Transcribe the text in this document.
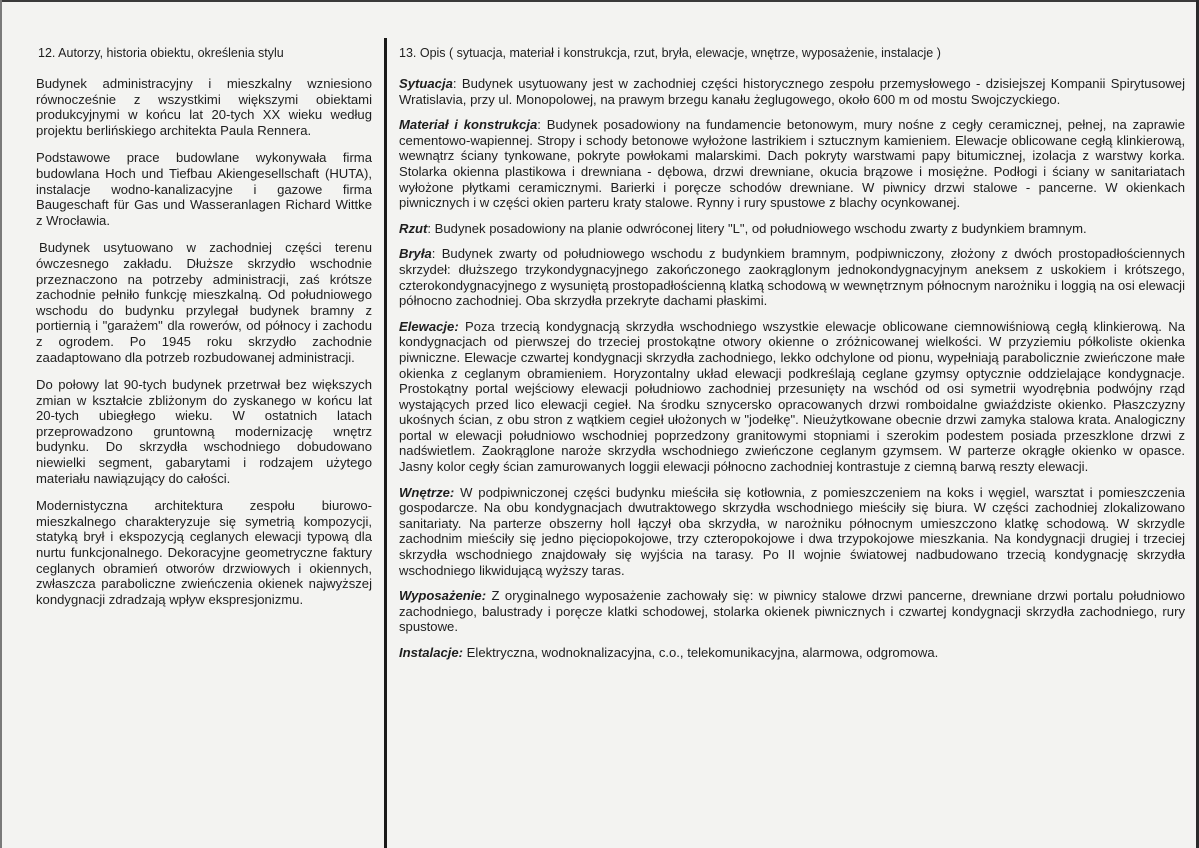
12. Autorzy, historia obiektu, określenia stylu

Budynek administracyjny i mieszkalny wzniesiono równocześnie z wszystkimi większymi obiektami produkcyjnymi w końcu lat 20-tych XX wieku według projektu berlińskiego architekta Paula Rennera.

Podstawowe prace budowlane wykonywała firma budowlana Hoch und Tiefbau Akiengesellschaft (HUTA), instalacje wodno-kanalizacyjne i gazowe firma Baugeschaft für Gas und Wasseranlagen Richard Wittke z Wrocławia.

Budynek usytuowano w zachodniej części terenu ówczesnego zakładu. Dłuższe skrzydło wschodnie przeznaczono na potrzeby administracji, zaś krótsze zachodnie pełniło funkcję mieszkalną. Od południowego wschodu do budynku przylegał budynek bramny z portiernią i "garażem" dla rowerów, od północy i zachodu z ogrodem. Po 1945 roku skrzydło zachodnie zaadaptowano dla potrzeb rozbudowanej administracji.

Do połowy lat 90-tych budynek przetrwał bez większych zmian w kształcie zbliżonym do zyskanego w końcu lat 20-tych ubiegłego wieku. W ostatnich latach przeprowadzono gruntowną modernizację wnętrz budynku. Do skrzydła wschodniego dobudowano niewielki segment, gabarytami i rodzajem użytego materiału nawiązujący do całości.

Modernistyczna architektura zespołu biurowo-mieszkalnego charakteryzuje się symetrią kompozycji, statyką brył i ekspozycją ceglanych elewacji typową dla nurtu funkcjonalnego. Dekoracyjne geometryczne faktury ceglanych obramień otworów drzwiowych i okiennych, zwłaszcza paraboliczne zwieńczenia okienek najwyższej kondygnacji zdradzają wpływ ekspresjonizmu.

13. Opis ( sytuacja, materiał i konstrukcja, rzut, bryła, elewacje, wnętrze, wyposażenie, instalacje )

Sytuacja: Budynek usytuowany jest w zachodniej części historycznego zespołu przemysłowego - dzisiejszej Kompanii Spirytusowej Wratislavia, przy ul. Monopolowej, na prawym brzegu kanału żeglugowego, około 600 m od mostu Swojczyckiego.

Materiał i konstrukcja: Budynek posadowiony na fundamencie betonowym, mury nośne z cegły ceramicznej, pełnej, na zaprawie cementowo-wapiennej. Stropy i schody betonowe wyłożone lastrikiem i sztucznym kamieniem. Elewacje oblicowane cegłą klinkierową, wewnątrz ściany tynkowane, pokryte powłokami malarskimi. Dach pokryty warstwami papy bitumicznej, izolacja z warstwy korka. Stolarka okienna plastikowa i drewniana - dębowa, drzwi drewniane, okucia brązowe i mosiężne. Podłogi i ściany w sanitariatach wyłożone płytkami ceramicznymi. Barierki i poręcze schodów drewniane. W piwnicy drzwi stalowe - pancerne. W okienkach piwnicznych i w części okien parteru kraty stalowe. Rynny i rury spustowe z blachy ocynkowanej.

Rzut: Budynek posadowiony na planie odwróconej litery "L", od południowego wschodu zwarty z budynkiem bramnym.

Bryła: Budynek zwarty od południowego wschodu z budynkiem bramnym, podpiwniczony, złożony z dwóch prostopadłościennych skrzydeł: dłuższego trzykondygnacyjnego zakończonego zaokrąglonym jednokondygnacyjnym aneksem z uskokiem i krótszego, czterokondygnacyjnego z wysuniętą prostopadłościenną klatką schodową w wewnętrznym północnym narożniku i loggią na osi elewacji północno zachodniej. Oba skrzydła przekryte dachami płaskimi.

Elewacje: Poza trzecią kondygnacją skrzydła wschodniego wszystkie elewacje oblicowane ciemnowiśniową cegłą klinkierową. Na kondygnacjach od pierwszej do trzeciej prostokątne otwory okienne o zróżnicowanej wielkości. W przyziemiu półkoliste okienka piwniczne. Elewacje czwartej kondygnacji skrzydła zachodniego, lekko odchylone od pionu, wypełniają parabolicznie zwieńczone małe okienka z ceglanym obramieniem. Horyzontalny układ elewacji podkreślają ceglane gzymsy optycznie oddzielające kondygnacje. Prostokątny portal wejściowy elewacji południowo zachodniej przesunięty na wschód od osi symetrii wyodrębnia podwójny rząd wystających przed lico elewacji cegieł. Na środku sznycersko opracowanych drzwi romboidalne gwiaździste okienko. Płaszczyzny ukośnych ścian, z obu stron z wątkiem cegieł ułożonych w "jodełkę". Nieużytkowane obecnie drzwi zamyka stalowa krata. Analogiczny portal w elewacji południowo wschodniej poprzedzony granitowymi stopniami i szerokim podestem posiada przeszklone drzwi z nadświetlem. Zaokrąglone naroże skrzydła wschodniego zwieńczone ceglanym gzymsem. W parterze okrągłe okienko w opasce. Jasny kolor cegły ścian zamurowanych loggii elewacji północno zachodniej kontrastuje z ciemną barwą reszty elewacji.

Wnętrze: W podpiwniczonej części budynku mieściła się kotłownia, z pomieszczeniem na koks i węgiel, warsztat i pomieszczenia gospodarcze. Na obu kondygnacjach dwutraktowego skrzydła wschodniego mieściły się biura. W części zachodniej zlokalizowano sanitariaty. Na parterze obszerny holl łączył oba skrzydła, w narożniku północnym umieszczono klatkę schodową. W skrzydle zachodnim mieściły się jedno pięciopokojowe, trzy czteropokojowe i dwa trzypokojowe mieszkania. Na kondygnacji drugiej i trzeciej skrzydła wschodniego znajdowały się wyjścia na tarasy. Po II wojnie światowej nadbudowano trzecią kondygnację skrzydła wschodniego likwidującą wyższy taras.

Wyposażenie: Z oryginalnego wyposażenie zachowały się: w piwnicy stalowe drzwi pancerne, drewniane drzwi portalu południowo zachodniego, balustrady i poręcze klatki schodowej, stolarka okienek piwnicznych i czwartej kondygnacji skrzydła zachodniego, rury spustowe.

Instalacje: Elektryczna, wodnoknalizacyjna, c.o., telekomunikacyjna, alarmowa, odgromowa.
